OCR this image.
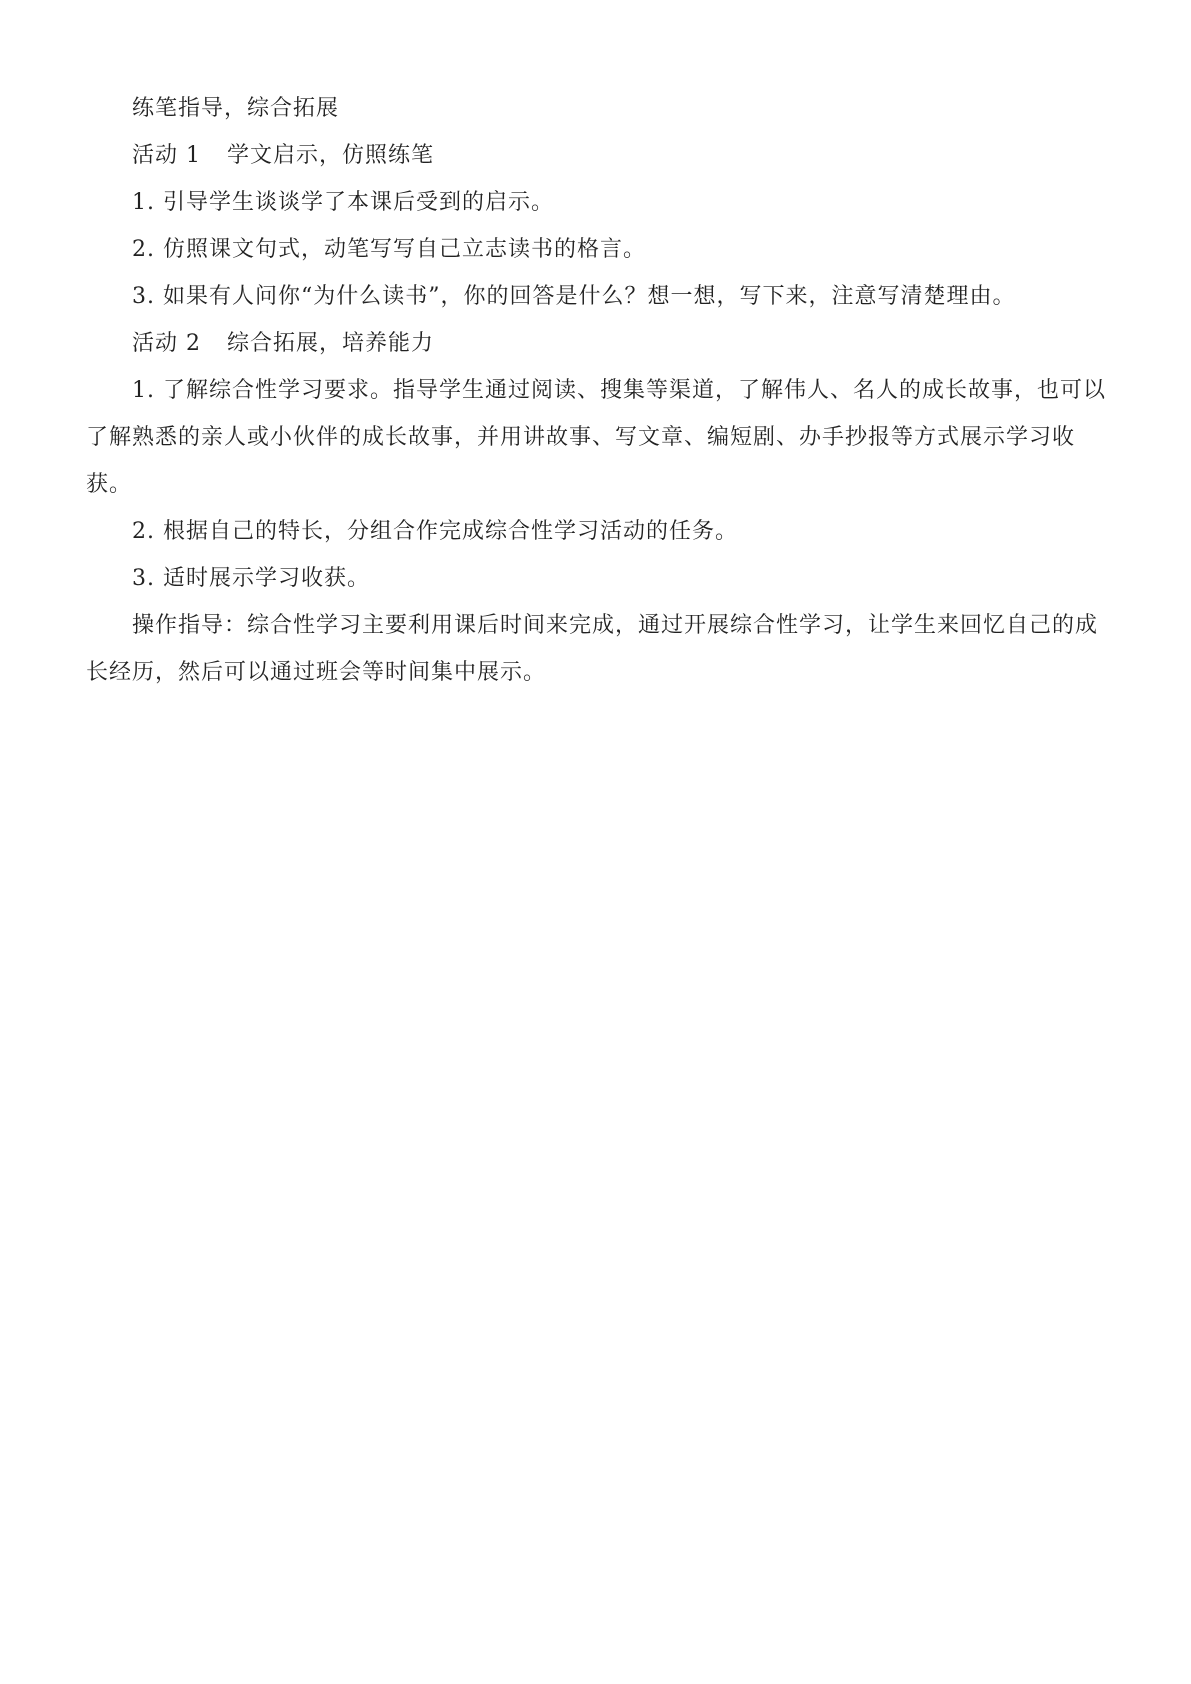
练笔指导，综合拓展

活动 1 学文启示，仿照练笔

1. 引导学生谈谈学了本课后受到的启示。

2. 仿照课文句式，动笔写写自己立志读书的格言。

3. 如果有人问你“为什么读书”，你的回答是什么？想一想，写下来，注意写清楚理由。

活动 2 综合拓展，培养能力

1. 了解综合性学习要求。指导学生通过阅读、搜集等渠道，了解伟人、名人的成长故事，也可以了解熟悉的亲人或小伙伴的成长故事，并用讲故事、写文章、编短剧、办手抄报等方式展示学习收获。

2. 根据自己的特长，分组合作完成综合性学习活动的任务。

3. 适时展示学习收获。

操作指导：综合性学习主要利用课后时间来完成，通过开展综合性学习，让学生来回忆自己的成长经历，然后可以通过班会等时间集中展示。
